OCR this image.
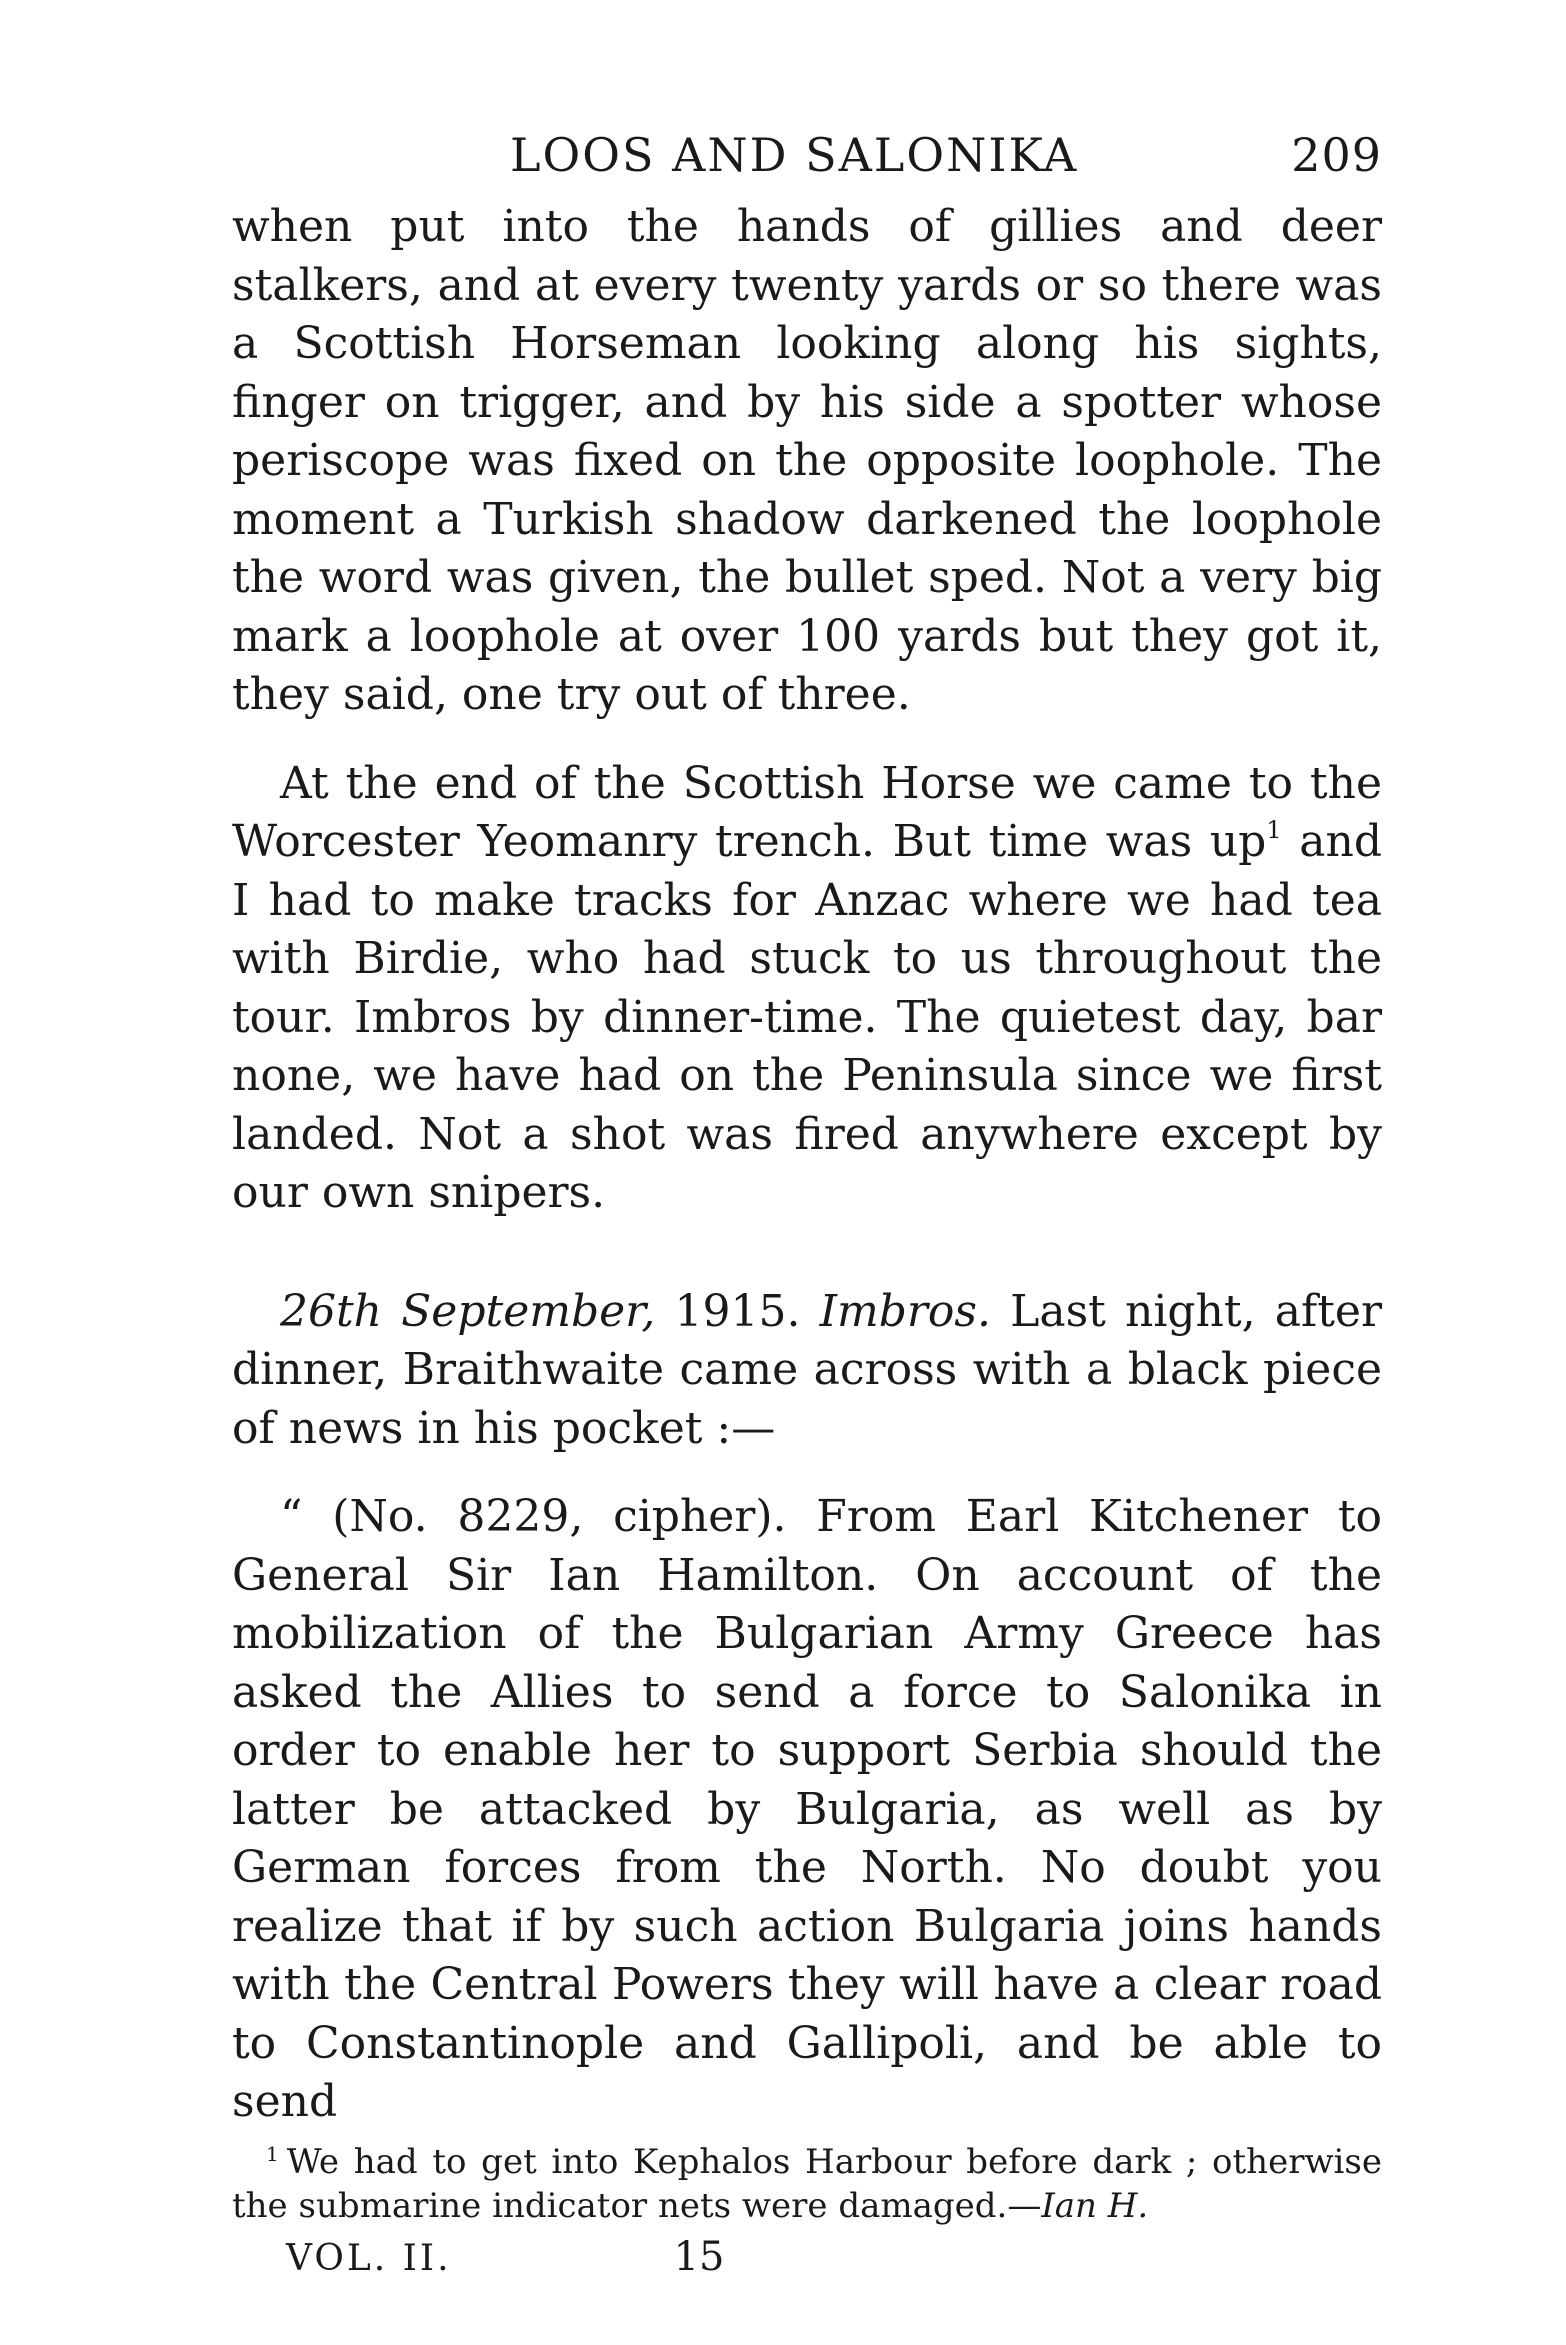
LOOS AND SALONIKA	209

when put into the hands of gillies and deer stalkers, and at every twenty yards or so there was a Scottish Horseman looking along his sights, finger on trigger, and by his side a spotter whose periscope was fixed on the opposite loophole. The moment a Turkish shadow darkened the loophole the word was given, the bullet sped. Not a very big mark a loophole at over 100 yards but they got it, they said, one try out of three.

At the end of the Scottish Horse we came to the Worcester Yeomanry trench. But time was up$^1$ and I had to make tracks for Anzac where we had tea with Birdie, who had stuck to us throughout the tour. Imbros by dinner-time. The quietest day, bar none, we have had on the Peninsula since we first landed. Not a shot was fired anywhere except by our own snipers.

26th September, 1915. Imbros. Last night, after dinner, Braithwaite came across with a black piece of news in his pocket :—

“ (No. 8229, cipher). From Earl Kitchener to General Sir Ian Hamilton. On account of the mobilization of the Bulgarian Army Greece has asked the Allies to send a force to Salonika in order to enable her to support Serbia should the latter be attacked by Bulgaria, as well as by German forces from the North. No doubt you realize that if by such action Bulgaria joins hands with the Central Powers they will have a clear road to Constantinople and Gallipoli, and be able to send

$^1$ We had to get into Kephalos Harbour before dark ; otherwise the submarine indicator nets were damaged.—Ian H.
VOL. II.	15
